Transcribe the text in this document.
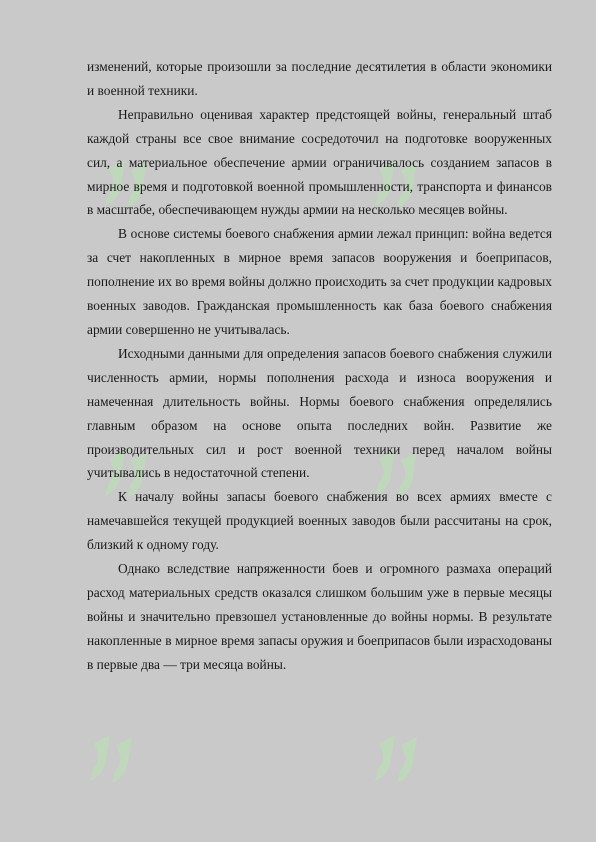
изменений, которые произошли за последние десятилетия в области экономики и военной техники.

Неправильно оценивая характер предстоящей войны, генеральный штаб каждой страны все свое внимание сосредоточил на подготовке вооруженных сил, а материальное обеспечение армии ограничивалось созданием запасов в мирное время и подготовкой военной промышленности, транспорта и финансов в масштабе, обеспечивающем нужды армии на несколько месяцев войны.

В основе системы боевого снабжения армии лежал принцип: война ведется за счет накопленных в мирное время запасов вооружения и боеприпасов, пополнение их во время войны должно происходить за счет продукции кадровых военных заводов. Гражданская промышленность как база боевого снабжения армии совершенно не учитывалась.

Исходными данными для определения запасов боевого снабжения служили численность армии, нормы пополнения расхода и износа вооружения и намеченная длительность войны. Нормы боевого снабжения определялись главным образом на основе опыта последних войн. Развитие же производительных сил и рост военной техники перед началом войны учитывались в недостаточной степени.

К началу войны запасы боевого снабжения во всех армиях вместе с намечавшейся текущей продукцией военных заводов были рассчитаны на срок, близкий к одному году.

Однако вследствие напряженности боев и огромного размаха операций расход материальных средств оказался слишком большим уже в первые месяцы войны и значительно превзошел установленные до войны нормы. В результате накопленные в мирное время запасы оружия и боеприпасов были израсходованы в первые два — три месяца войны.
